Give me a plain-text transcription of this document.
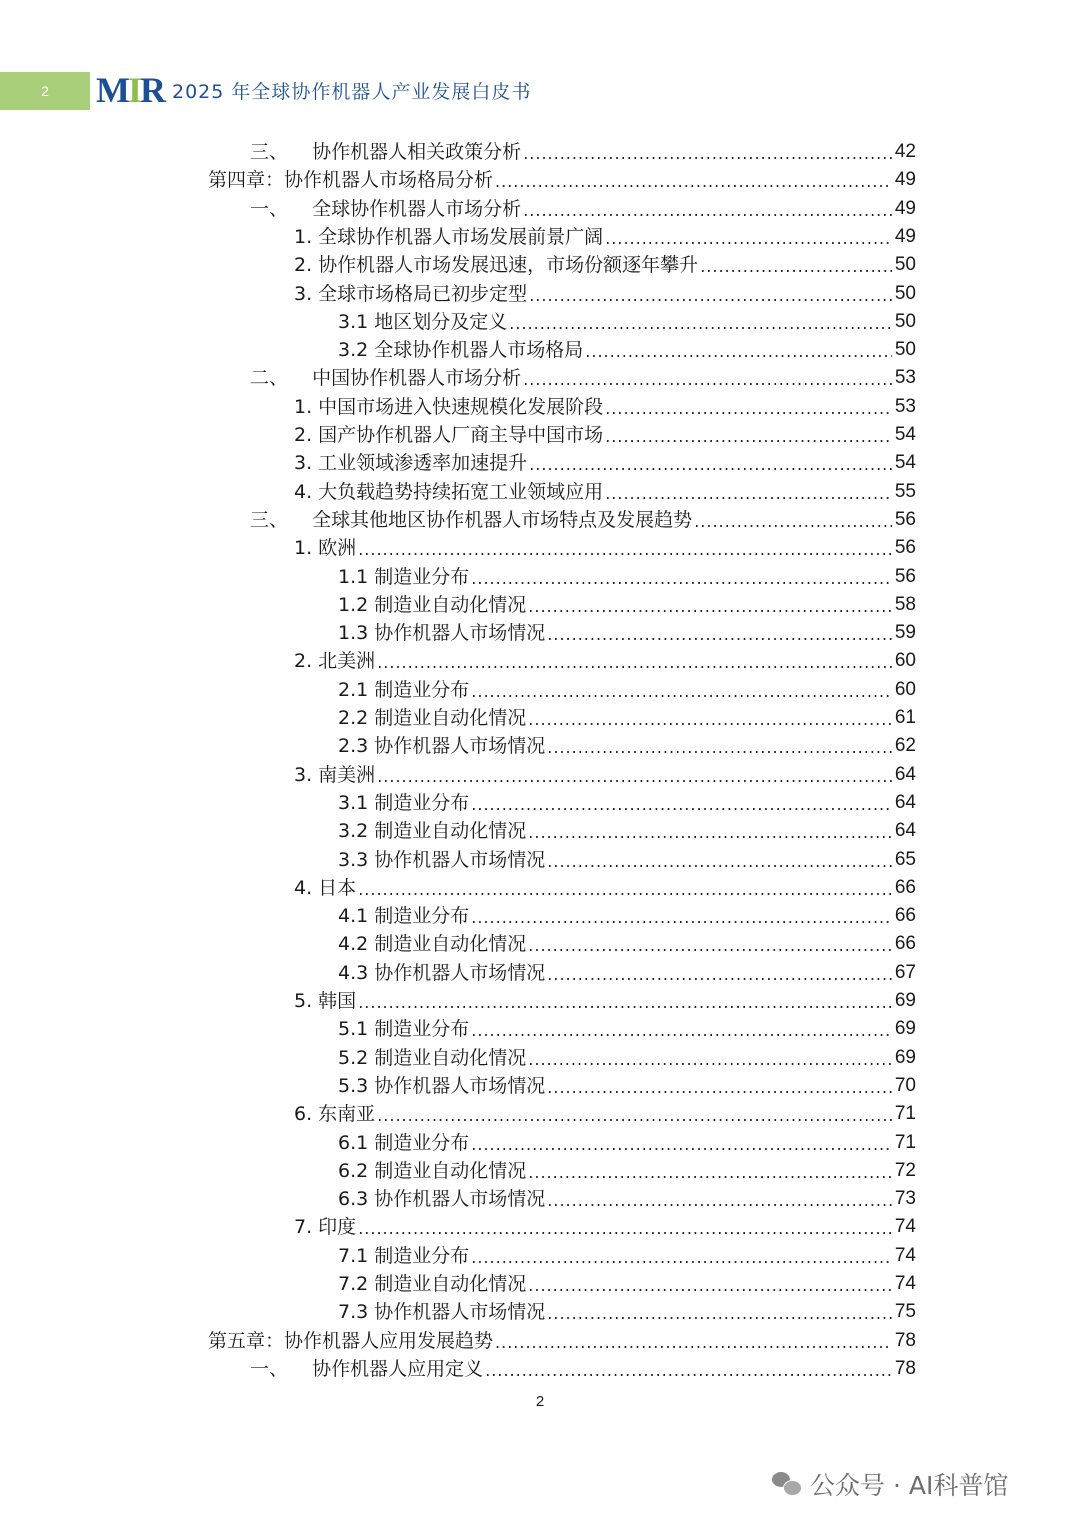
2	MIR 2025 年全球协作机器人产业发展白皮书
三、 协作机器人相关政策分析 .....	42
第四章： 协作机器人市场格局分析 .....	49
一、 全球协作机器人市场分析 .....	49
1. 全球协作机器人市场发展前景广阔 .....	49
2. 协作机器人市场发展迅速，市场份额逐年攀升 .....	50
3. 全球市场格局已初步定型 .....	50
3.1 地区划分及定义 .....	50
3.2 全球协作机器人市场格局 .....	50
二、 中国协作机器人市场分析 .....	53
1. 中国市场进入快速规模化发展阶段 .....	53
2. 国产协作机器人厂商主导中国市场 .....	54
3. 工业领域渗透率加速提升 .....	54
4. 大负载趋势持续拓宽工业领域应用 .....	55
三、 全球其他地区协作机器人市场特点及发展趋势 .....	56
1. 欧洲 .....	56
1.1 制造业分布 .....	56
1.2 制造业自动化情况 .....	58
1.3 协作机器人市场情况 .....	59
2. 北美洲 .....	60
2.1 制造业分布 .....	60
2.2 制造业自动化情况 .....	61
2.3 协作机器人市场情况 .....	62
3. 南美洲 .....	64
3.1 制造业分布 .....	64
3.2 制造业自动化情况 .....	64
3.3 协作机器人市场情况 .....	65
4. 日本 .....	66
4.1 制造业分布 .....	66
4.2 制造业自动化情况 .....	66
4.3 协作机器人市场情况 .....	67
5. 韩国 .....	69
5.1 制造业分布 .....	69
5.2 制造业自动化情况 .....	69
5.3 协作机器人市场情况 .....	70
6. 东南亚 .....	71
6.1 制造业分布 .....	71
6.2 制造业自动化情况 .....	72
6.3 协作机器人市场情况 .....	73
7. 印度 .....	74
7.1 制造业分布 .....	74
7.2 制造业自动化情况 .....	74
7.3 协作机器人市场情况 .....	75
第五章： 协作机器人应用发展趋势 .....	78
一、 协作机器人应用定义 .....	78
2
公众号 · AI科普馆
